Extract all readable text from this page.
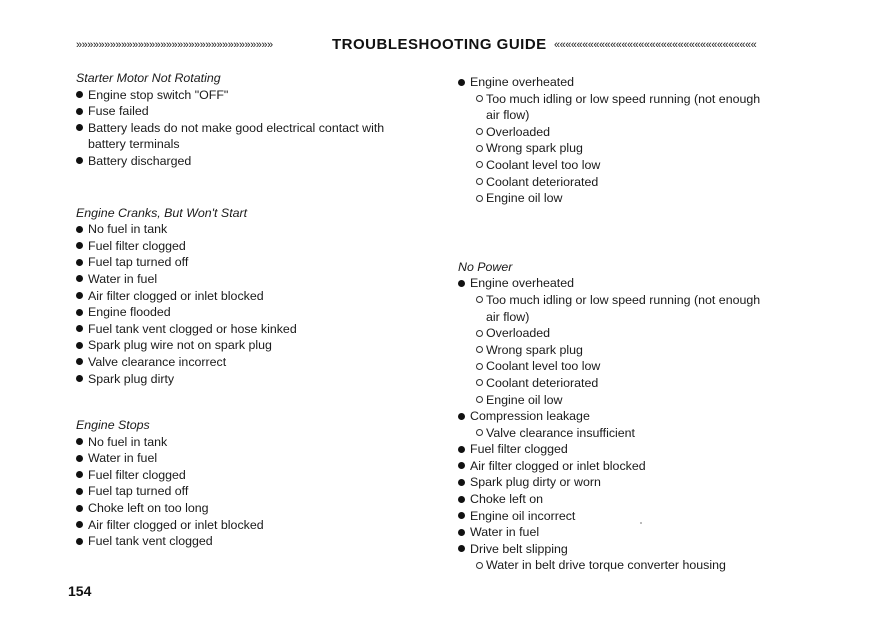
»»»»»»»»»»»»»»»»»»»»»»»»»»»»»»»»»»»	TROUBLESHOOTING GUIDE ««««««««««««««««««««««««««««««««««««
Starter Motor Not Rotating
Engine stop switch "OFF"
Fuse failed
Battery leads do not make good electrical contact with
battery terminals
Battery discharged
Engine Cranks, But Won't Start
No fuel in tank
Fuel filter clogged
Fuel tap turned off
Water in fuel
Air filter clogged or inlet blocked
Engine flooded
Fuel tank vent clogged or hose kinked
Spark plug wire not on spark plug
Valve clearance incorrect
Spark plug dirty
Engine Stops
No fuel in tank
Water in fuel
Fuel filter clogged
Fuel tap turned off
Choke left on too long
Air filter clogged or inlet blocked
Fuel tank vent clogged
Engine overheated
Too much idling or low speed running (not enough
air flow)
Overloaded
Wrong spark plug
Coolant level too low
Coolant deteriorated
Engine oil low
No Power
Engine overheated
Too much idling or low speed running (not enough
air flow)
Overloaded
Wrong spark plug
Coolant level too low
Coolant deteriorated
Engine oil low
Compression leakage
Valve clearance insufficient
Fuel filter clogged
Air filter clogged or inlet blocked
Spark plug dirty or worn
Choke left on
Engine oil incorrect
Water in fuel
Drive belt slipping
Water in belt drive torque converter housing
154
